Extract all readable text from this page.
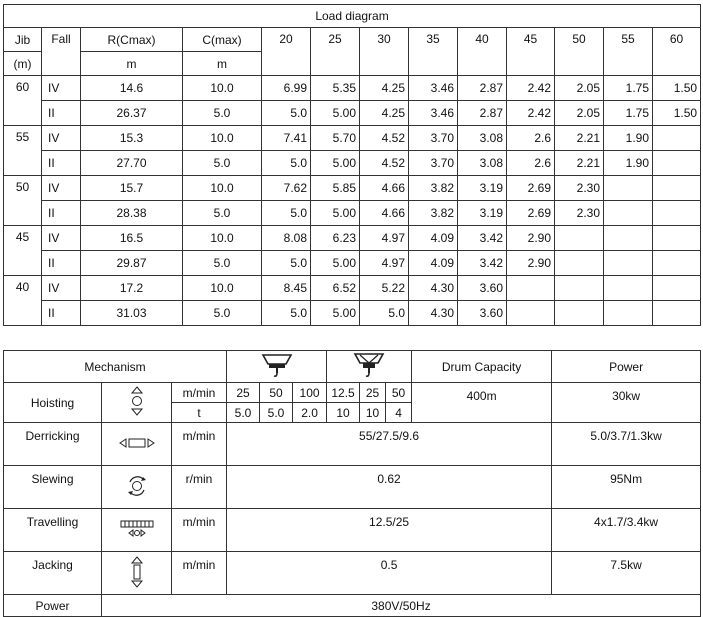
Load diagram												
Jib	Fall	R(Cmax)	C(max)	20	25	30	35	40	45	50	55	60
(m)		m	m									
60	IV	14.6	10.0	6.99	5.35	4.25	3.46	2.87	2.42	2.05	1.75	1.50
	II	26.37	5.0	5.0	5.00	4.25	3.46	2.87	2.42	2.05	1.75	1.50
55	IV	15.3	10.0	7.41	5.70	4.52	3.70	3.08	2.6	2.21	1.90	
	II	27.70	5.0	5.0	5.00	4.52	3.70	3.08	2.6	2.21	1.90	
50	IV	15.7	10.0	7.62	5.85	4.66	3.82	3.19	2.69	2.30		
	II	28.38	5.0	5.0	5.00	4.66	3.82	3.19	2.69	2.30		
45	IV	16.5	10.0	8.08	6.23	4.97	4.09	3.42	2.90			
	II	29.87	5.0	5.0	5.00	4.97	4.09	3.42	2.90			
40	IV	17.2	10.0	8.45	6.52	5.22	4.30	3.60				
	II	31.03	5.0	5.0	5.00	5.0	4.30	3.60				
Mechanism									Drum Capacity	Power
Hoisting		m/min	25	50	100	12.5	25	50	400m	30kw
		t	5.0	5.0	2.0	10	10	4		
Derricking		m/min	55/27.5/9.6							5.0/3.7/1.3kw
Slewing		r/min	0.62							95Nm
Travelling		m/min	12.5/25							4x1.7/3.4kw
Jacking		m/min	0.5							7.5kw
Power	380V/50Hz									
